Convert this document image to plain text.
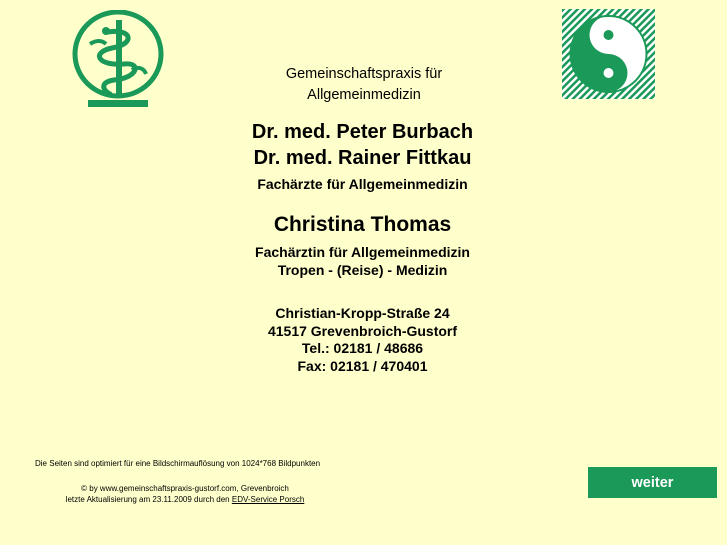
Gemeinschaftspraxis für
Allgemeinmedizin
Dr. med. Peter Burbach
Dr. med. Rainer Fittkau
Fachärzte für Allgemeinmedizin
Christina Thomas
Fachärztin für Allgemeinmedizin
Tropen - (Reise) - Medizin
Christian-Kropp-Straße 24
41517 Grevenbroich-Gustorf
Tel.: 02181 / 48686
Fax: 02181 / 470401
Die Seiten sind optimiert für eine Bildschirmauflösung von 1024*768 Bildpunkten
© by www.gemeinschaftspraxis-gustorf.com, Grevenbroich
letzte Aktualisierung am 23.11.2009 durch den EDV-Service Porsch
weiter
